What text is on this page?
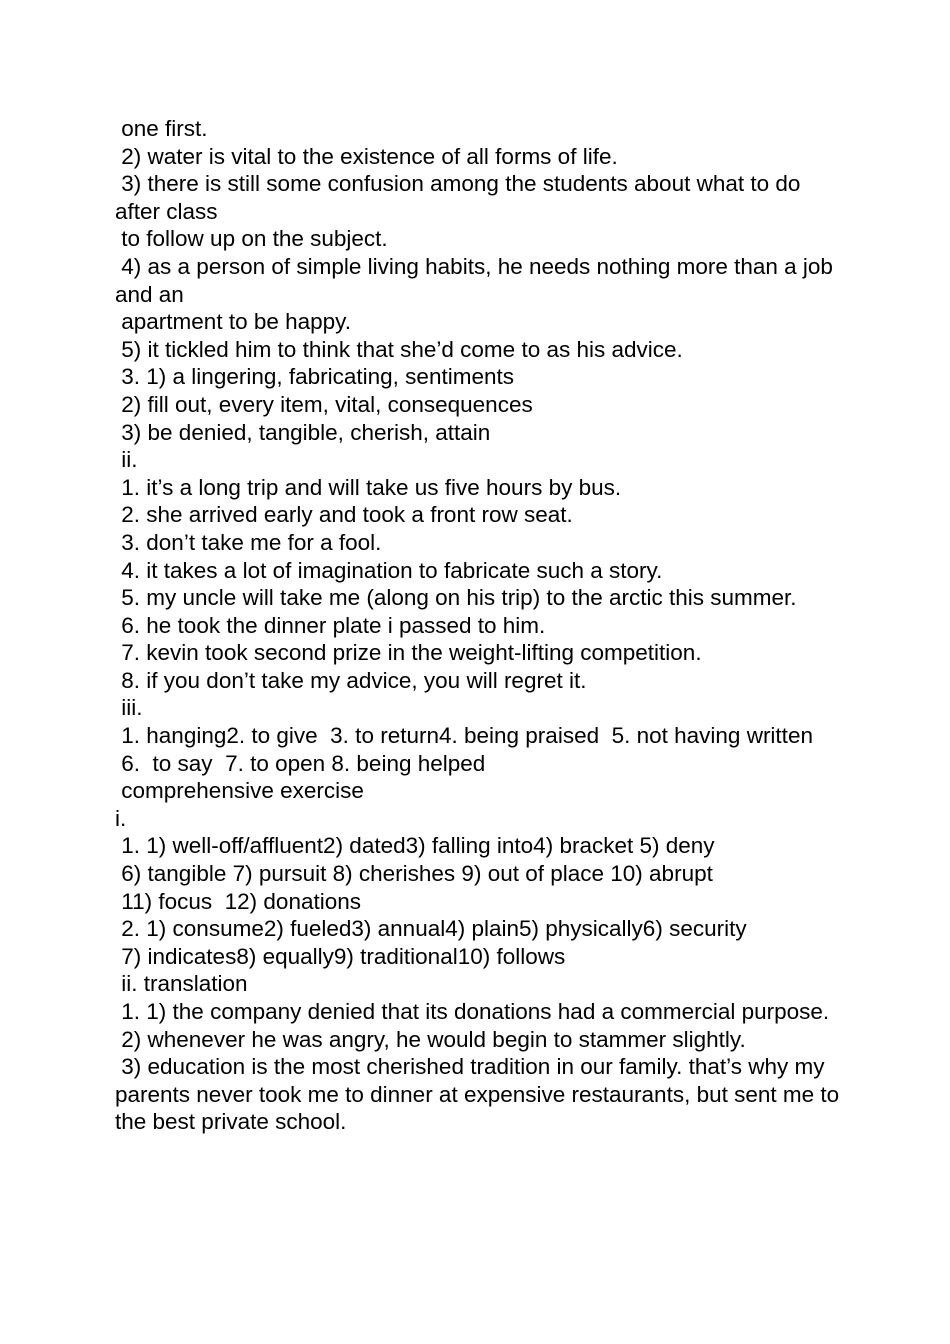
one first.

2) water is vital to the existence of all forms of life.

3) there is still some confusion among the students about what to do after class

to follow up on the subject.

4) as a person of simple living habits, he needs nothing more than a job and an

apartment to be happy.

5) it tickled him to think that she’d come to as his advice.

3. 1) a lingering, fabricating, sentiments

2) fill out, every item, vital, consequences

3) be denied, tangible, cherish, attain

ii.

1. it’s a long trip and will take us five hours by bus.

2. she arrived early and took a front row seat.

3. don’t take me for a fool.

4. it takes a lot of imagination to fabricate such a story.

5. my uncle will take me (along on his trip) to the arctic this summer.

6. he took the dinner plate i passed to him.

7. kevin took second prize in the weight-lifting competition.

8. if you don’t take my advice, you will regret it.

iii.

1. hanging2. to give  3. to return4. being praised  5. not having written

6.  to say  7. to open 8. being helped

comprehensive exercise

i.

1. 1) well-off/affluent2) dated3) falling into4) bracket 5) deny

6) tangible 7) pursuit 8) cherishes 9) out of place 10) abrupt

11) focus  12) donations

2. 1) consume2) fueled3) annual4) plain5) physically6) security

7) indicates8) equally9) traditional10) follows

ii. translation

1. 1) the company denied that its donations had a commercial purpose.

2) whenever he was angry, he would begin to stammer slightly.

3) education is the most cherished tradition in our family. that’s why my parents never took me to dinner at expensive restaurants, but sent me to the best private school.
